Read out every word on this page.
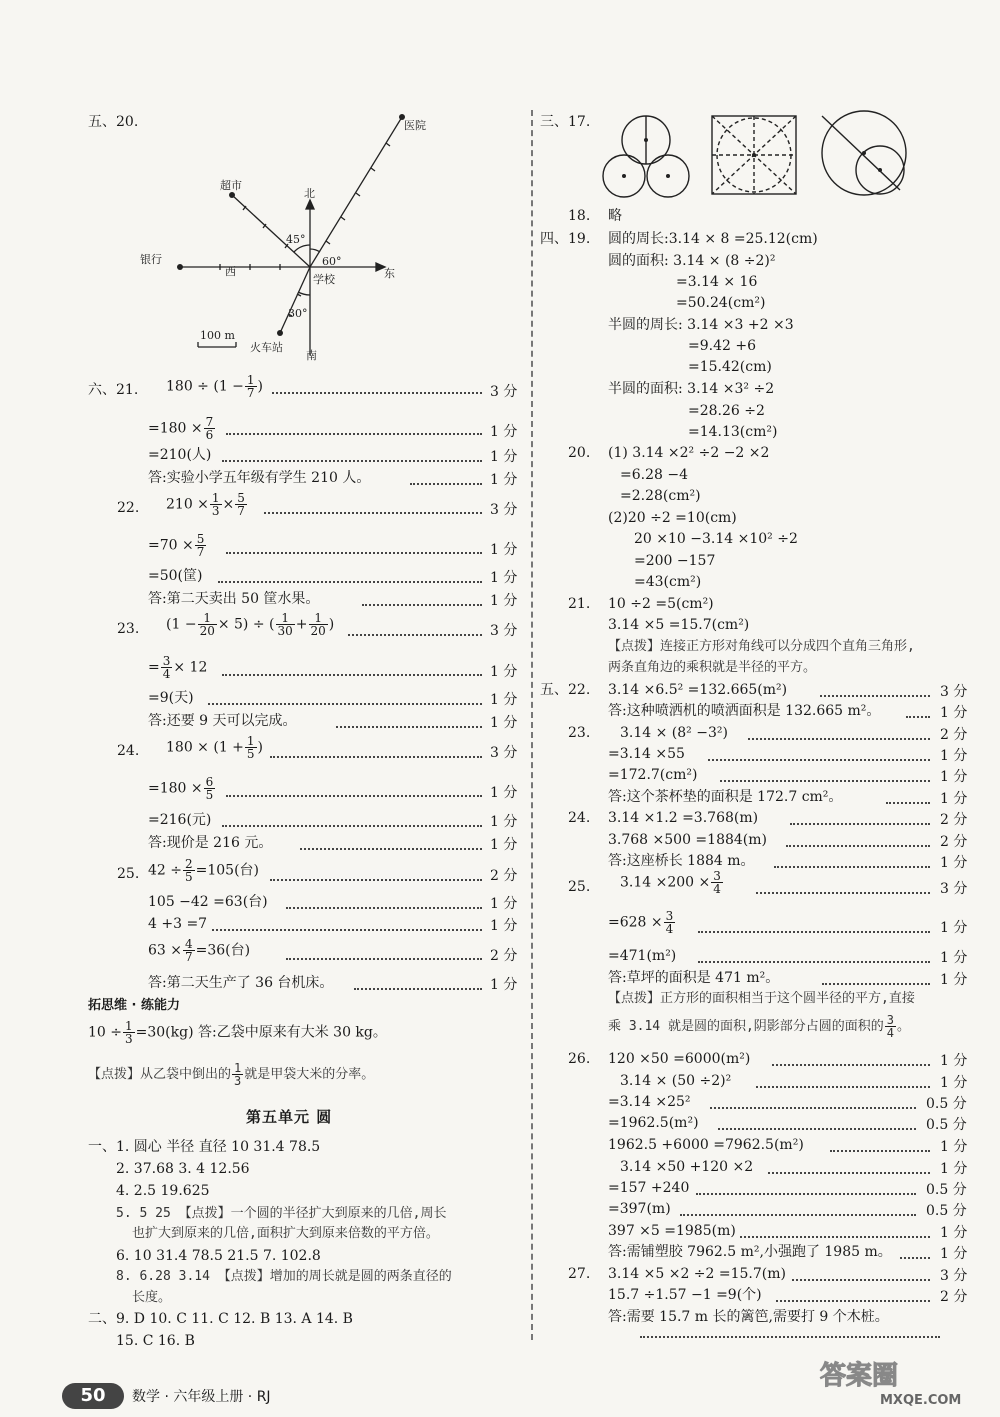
五、20.	医院
超市
北
银行
西	东
学校
南
火车站
100 m
45°
60°
30°
六、21. $180 \div (1 - \frac{1}{7}$ )	3 分
$=180 \times \frac{7}{6}$	1 分
=210(人)	1 分
答:实验小学五年级有学生 210 人。	1 分
22. $210 \times \frac{1}{3} \times \frac{5}{7}$	3 分
$=70 \times \frac{5}{7}$	1 分
=50(筐)	1 分
答:第二天卖出 50 筐水果。	1 分
23. $(1 - \frac{1}{20} \times 5)$ ÷ ( $\frac{1}{30} + \frac{1}{20}$ )	3 分
= $\frac{3}{4} \times 12$	1 分
=9(天)	1 分
答:还要 9 天可以完成。	1 分
24. $180 \times (1 + \frac{1}{5}$ )	3 分
$=180 \times \frac{6}{5}$	1 分
=216(元)	1 分
答:现价是 216 元。	1 分
25. $42 \div \frac{2}{5} =105$(台)	2 分
105 −42 =63(台)	1 分
4 +3 =7	1 分
$63 \times \frac{4}{7} =36$(台)	2 分
答:第二天生产了 36 台机床。	1 分
拓思维 · 练能力
$10 \div \frac{1}{3} =30(kg)$ 答:乙袋中原来有大米 30 kg。
【点拨】从乙袋中倒出的 $\frac{1}{3}$ 就是甲袋大米的分率。
第五单元 圆
一、1. 圆心 半径 直径 10 31.4 78.5
2. 37.68 3. 4 12.56
4. 2.5 19.625
5. 5 25 【点拨】一个圆的半径扩大到原来的几倍,周长
也扩大到原来的几倍,面积扩大到原来倍数的平方倍。
6. 10 31.4 78.5 21.5 7. 102.8
8. 6.28 3.14 【点拨】增加的周长就是圆的两条直径的
长度。
二、9. D 10. C 11. C 12. B 13. A 14. B
15. C 16. B
三、17.
18. 略
四、19. 圆的周长:3.14 × 8 =25.12(cm)
圆的面积: 3.14 × (8 ÷2)²
=3.14 × 16
=50.24(cm²)
半圆的周长: 3.14 ×3 +2 ×3
=9.42 +6
=15.42(cm)
半圆的面积: 3.14 ×3² ÷2
=28.26 ÷2
=14.13(cm²)
20. (1) 3.14 ×2² ÷2 −2 ×2
=6.28 −4
=2.28(cm²)
(2)20 ÷2 =10(cm)
20 ×10 −3.14 ×10² ÷2
=200 −157
=43(cm²)
21. 10 ÷2 =5(cm²)
3.14 ×5 =15.7(cm²)
【点拨】连接正方形对角线可以分成四个直角三角形,
两条直角边的乘积就是半径的平方。
五、22. 3.14 ×6.5² =132.665(m²)	3 分
答:这种喷洒机的喷洒面积是 132.665 m²。	1 分
23. 3.14 × (8² −3²)	2 分
=3.14 ×55	1 分
=172.7(cm²)	1 分
答:这个茶杯垫的面积是 172.7 cm²。	1 分
24. 3.14 ×1.2 =3.768(m)	2 分
3.768 ×500 =1884(m)	2 分
答:这座桥长 1884 m。	1 分
25. $3.14 \times 200 \times \frac{3}{4}$	3 分
$=628 \times \frac{3}{4}$	1 分
=471(m²)	1 分
答:草坪的面积是 471 m²。	1 分
【点拨】正方形的面积相当于这个圆半径的平方,直接
乘 3.14 就是圆的面积,阴影部分占圆的面积的 $\frac{3}{4}$ 。
26. 120 ×50 =6000(m²)	1 分
3.14 × (50 ÷2)²	1 分
=3.14 ×25²	0.5 分
=1962.5(m²)	0.5 分
1962.5 +6000 =7962.5(m²)	1 分
3.14 ×50 +120 ×2	1 分
=157 +240	0.5 分
=397(m)	0.5 分
397 ×5 =1985(m)	1 分
答:需铺塑胶 7962.5 m²,小强跑了 1985 m。	1 分
27. 3.14 ×5 ×2 ÷2 =15.7(m)	3 分
15.7 ÷1.57 −1 =9(个)	2 分
答:需要 15.7 m 长的篱笆,需要打 9 个木桩。
50	数学 · 六年级上册 · RJ
答案圈
MXQE.COM
